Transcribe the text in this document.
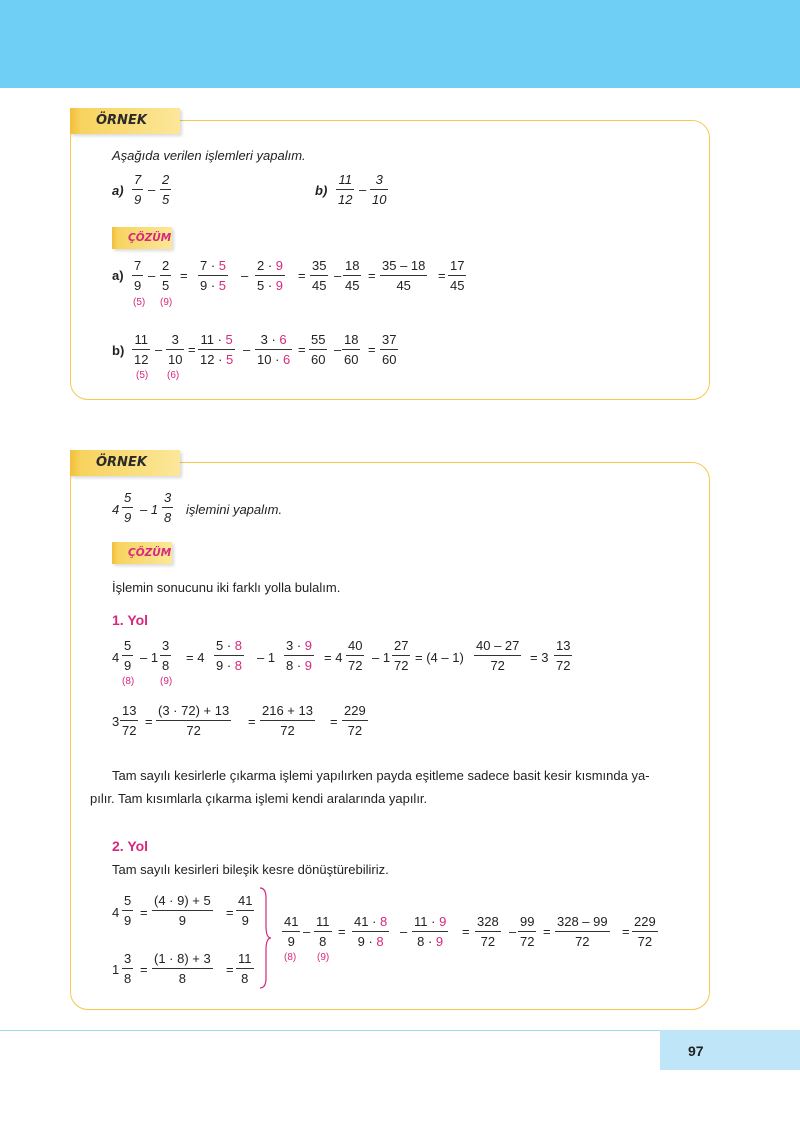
ÖRNEK
Aşağıda verilen işlemleri yapalım.
$a) \frac{7}{9} - \frac{2}{5}$	$b) \frac{11}{12} - \frac{3}{10}$
ÇÖZÜM
$a) \frac{7}{9} - \frac{2}{5}$
(5) (9)
= $\frac{7 \cdot 5}{9 \cdot 5} - \frac{2 \cdot 9}{5 \cdot 9} = \frac{35}{45} - \frac{18}{45} = \frac{35 - 18}{45} = \frac{17}{45}$
$b) \frac{11}{12} - \frac{3}{10}$
(5) (6)
= $\frac{11 \cdot 5}{12 \cdot 5} - \frac{3 \cdot 6}{10 \cdot 6} = \frac{55}{60} - \frac{18}{60} = \frac{37}{60}$
ÖRNEK
$4 \frac{5}{9} - 1 \frac{3}{8}$ işlemini yapalım.
ÇÖZÜM
İşlemin sonucunu iki farklı yolla bulalım.
1. Yol
$4 \frac{5}{9} - 1 \frac{3}{8}$
(8)	(9)
= $4 \frac{5 \cdot 8}{9 \cdot 8} - 1 \frac{3 \cdot 9}{8 \cdot 9} = 4 \frac{40}{72} - 1 \frac{27}{72} = (4 - 1) \frac{40 - 27}{72} = 3 \frac{13}{72}$
$3 \frac{13}{72} = \frac{(3 \cdot 72) + 13}{72} = \frac{216 + 13}{72} = \frac{229}{72}$
Tam sayılı kesirlerle çıkarma işlemi yapılırken payda eşitleme sadece basit kesir kısmında ya-
pılır. Tam kısımlarla çıkarma işlemi kendi aralarında yapılır.
2. Yol
Tam sayılı kesirleri bileşik kesre dönüştürebiliriz.
$4 \frac{5}{9} = \frac{(4 \cdot 9) + 5}{9} = \frac{41}{9}$
$1 \frac{3}{8} = \frac{(1 \cdot 8) + 3}{8} = \frac{11}{8}$
$\frac{41}{9} - \frac{11}{8}$
(8) (9)
= $\frac{41 \cdot 8}{9 \cdot 8} - \frac{11 \cdot 9}{8 \cdot 9} = \frac{328}{72} - \frac{99}{72} = \frac{328 - 99}{72} = \frac{229}{72}$
97
